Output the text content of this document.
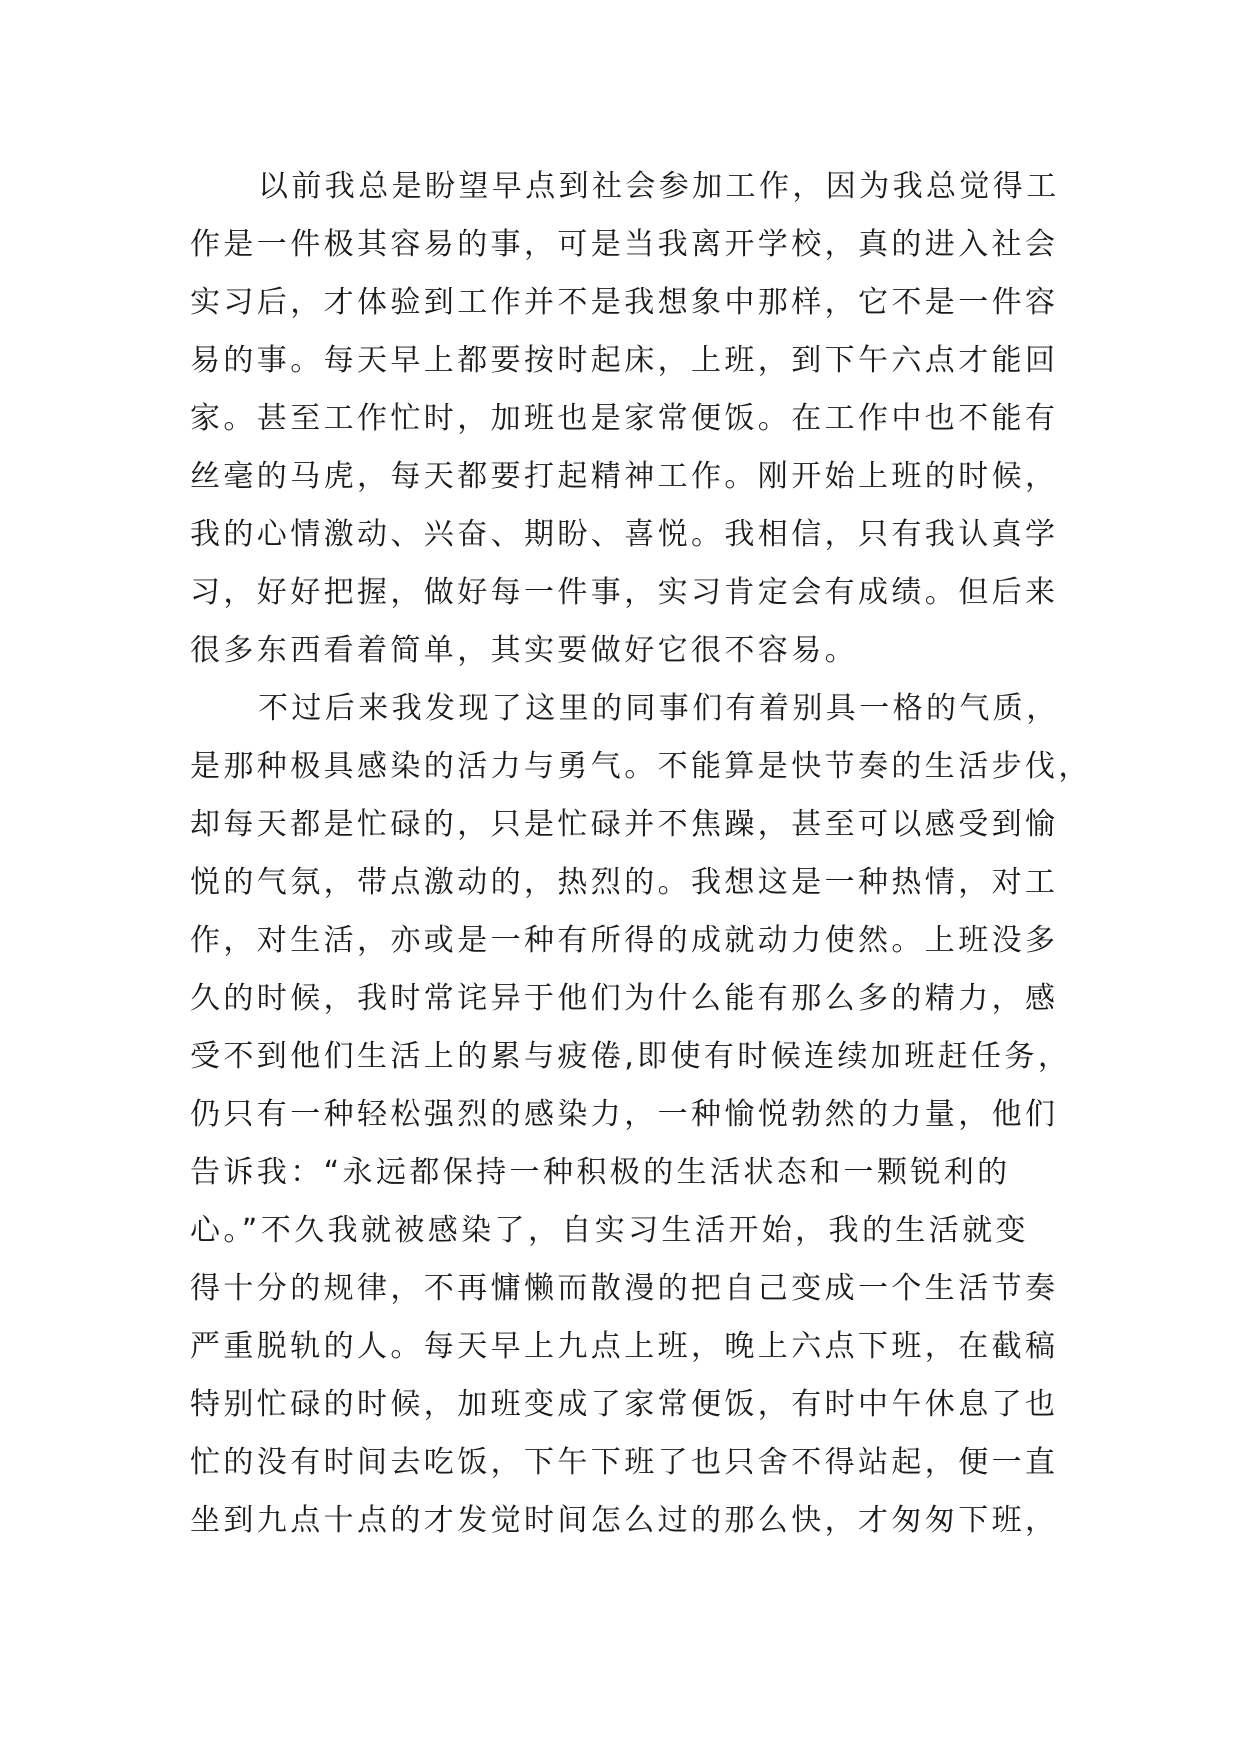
以前我总是盼望早点到社会参加工作，因为我总觉得工
作是一件极其容易的事，可是当我离开学校，真的进入社会
实习后，才体验到工作并不是我想象中那样，它不是一件容
易的事。每天早上都要按时起床，上班，到下午六点才能回
家。甚至工作忙时，加班也是家常便饭。在工作中也不能有
丝毫的马虎，每天都要打起精神工作。刚开始上班的时候，
我的心情激动、兴奋、期盼、喜悦。我相信，只有我认真学
习，好好把握，做好每一件事，实习肯定会有成绩。但后来
很多东西看着简单，其实要做好它很不容易。
不过后来我发现了这里的同事们有着别具一格的气质，
是那种极具感染的活力与勇气。不能算是快节奏的生活步伐，
却每天都是忙碌的，只是忙碌并不焦躁，甚至可以感受到愉
悦的气氛，带点激动的，热烈的。我想这是一种热情，对工
作，对生活，亦或是一种有所得的成就动力使然。上班没多
久的时候，我时常诧异于他们为什么能有那么多的精力，感
受不到他们生活上的累与疲倦,即使有时候连续加班赶任务，
仍只有一种轻松强烈的感染力，一种愉悦勃然的力量，他们
告诉我：“永远都保持一种积极的生活状态和一颗锐利的
心。”不久我就被感染了，自实习生活开始，我的生活就变
得十分的规律，不再慵懒而散漫的把自己变成一个生活节奏
严重脱轨的人。每天早上九点上班，晚上六点下班，在截稿
特别忙碌的时候，加班变成了家常便饭，有时中午休息了也
忙的没有时间去吃饭，下午下班了也只舍不得站起，便一直
坐到九点十点的才发觉时间怎么过的那么快，才匆匆下班，
